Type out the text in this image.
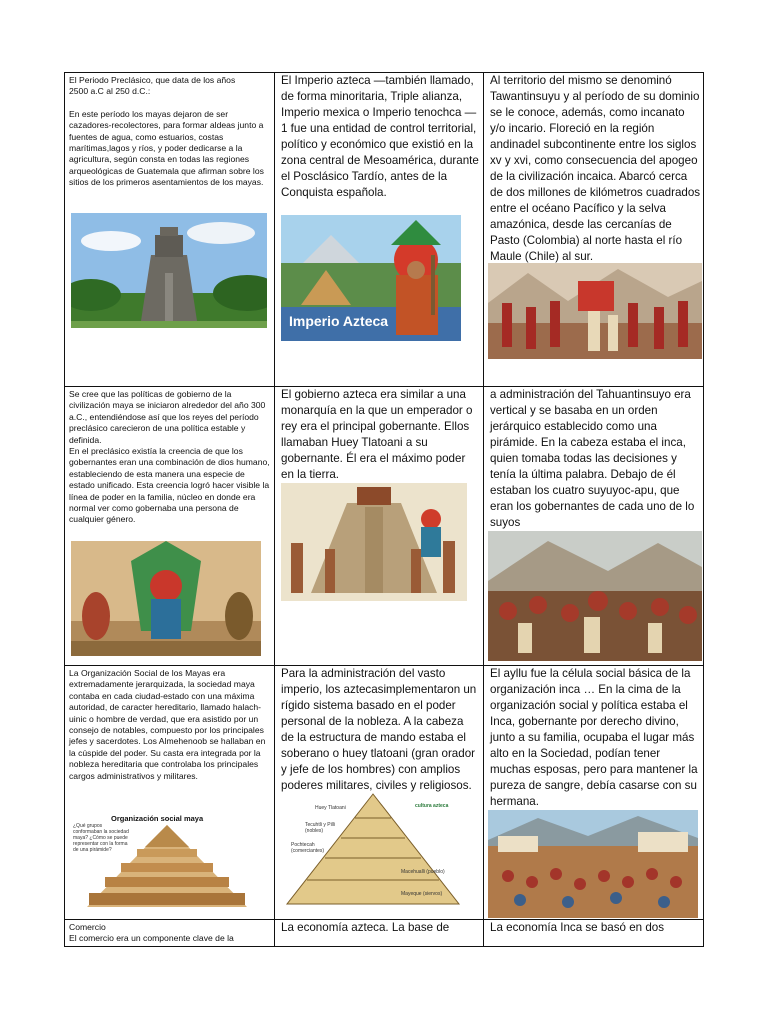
El Periodo Preclásico, que data de los años
2500 a.C al 250 d.C.:

En este período los mayas dejaron de ser cazadores-recolectores, para formar aldeas junto a fuentes de agua, como estuarios, costas marítimas,lagos y ríos, y poder dedicarse a la agricultura, según consta en todas las regiones arqueológicas de Guatemala que afirman sobre los sitios de los primeros asentamientos de los mayas.

El Imperio azteca —también llamado, de forma minoritaria, Triple alianza, Imperio mexica o Imperio tenochca —1 fue una entidad de control territorial, político y económico que existió en la zona central de Mesoamérica, durante el Posclásico Tardío, antes de la Conquista española.

Imperio Azteca

Al territorio del mismo se denominó Tawantinsuyu y al período de su dominio se le conoce, además, como incanato y/o incario. Floreció en la región andinadel subcontinente entre los siglos xv y xvi, como consecuencia del apogeo de la civilización incaica. Abarcó cerca de dos millones de kilómetros cuadrados entre el océano Pacífico y la selva amazónica, desde las cercanías de Pasto (Colombia) al norte hasta el río Maule (Chile) al sur.

Se cree que las políticas de gobierno de la civilización maya se iniciaron alrededor del año 300 a.C., entendiéndose así que los reyes del período preclásico carecieron de una política estable y definida.
En el preclásico existía la creencia de que los gobernantes eran una combinación de dios humano, estableciendo de esta manera una especie de estado unificado. Esta creencia logró hacer visible la línea de poder en la familia, núcleo en donde era normal ver como gobernaba una persona de cualquier género.

El gobierno azteca era similar a una monarquía en la que un emperador o rey era el principal gobernante. Ellos llamaban Huey Tlatoani a su gobernante. Él era el máximo poder en la tierra.

a administración del Tahuantinsuyo era vertical y se basaba en un orden jerárquico establecido como una pirámide. En la cabeza estaba el inca, quien tomaba todas las decisiones y tenía la última palabra. Debajo de él estaban los cuatro suyuyoc-apu, que eran los gobernantes de cada uno de lo suyos

La Organización Social de los Mayas era extremadamente jerarquizada, la sociedad maya contaba en cada ciudad-estado con una máxima autoridad, de caracter hereditario, llamado halach-uinic o hombre de verdad, que era asistido por un consejo de notables, compuesto por los principales jefes y sacerdotes. Los Almehenoob se hallaban en la cúspide del poder. Su casta era integrada por la nobleza hereditaria que controlaba los principales cargos administrativos y militares.

Organización social maya
¿Qué grupos conformaban la sociedad maya? ¿Cómo se puede representar con la forma de una pirámide?

Para la administración del vasto imperio, los aztecasimplementaron un rígido sistema basado en el poder personal de la nobleza. A la cabeza de la estructura de mando estaba el soberano o huey tlatoani (gran orador y jefe de los hombres) con amplios poderes militares, civiles y religiosos.

Huey Tlatoani
Tecuhtli y Pilli (nobles)
Pochtecah (comerciantes)
Macehualli (pueblo)
Mayeque (siervos)
cultura azteca

El ayllu fue la célula social básica de la organización inca … En la cima de la organización social y política estaba el Inca, gobernante por derecho divino, junto a su familia, ocupaba el lugar más alto en la Sociedad, podían tener muchas esposas, pero para mantener la pureza de sangre, debía casarse con su hermana.

Comercio
El comercio era un componente clave de la

La economía azteca. La base de	La economía Inca se basó en dos
